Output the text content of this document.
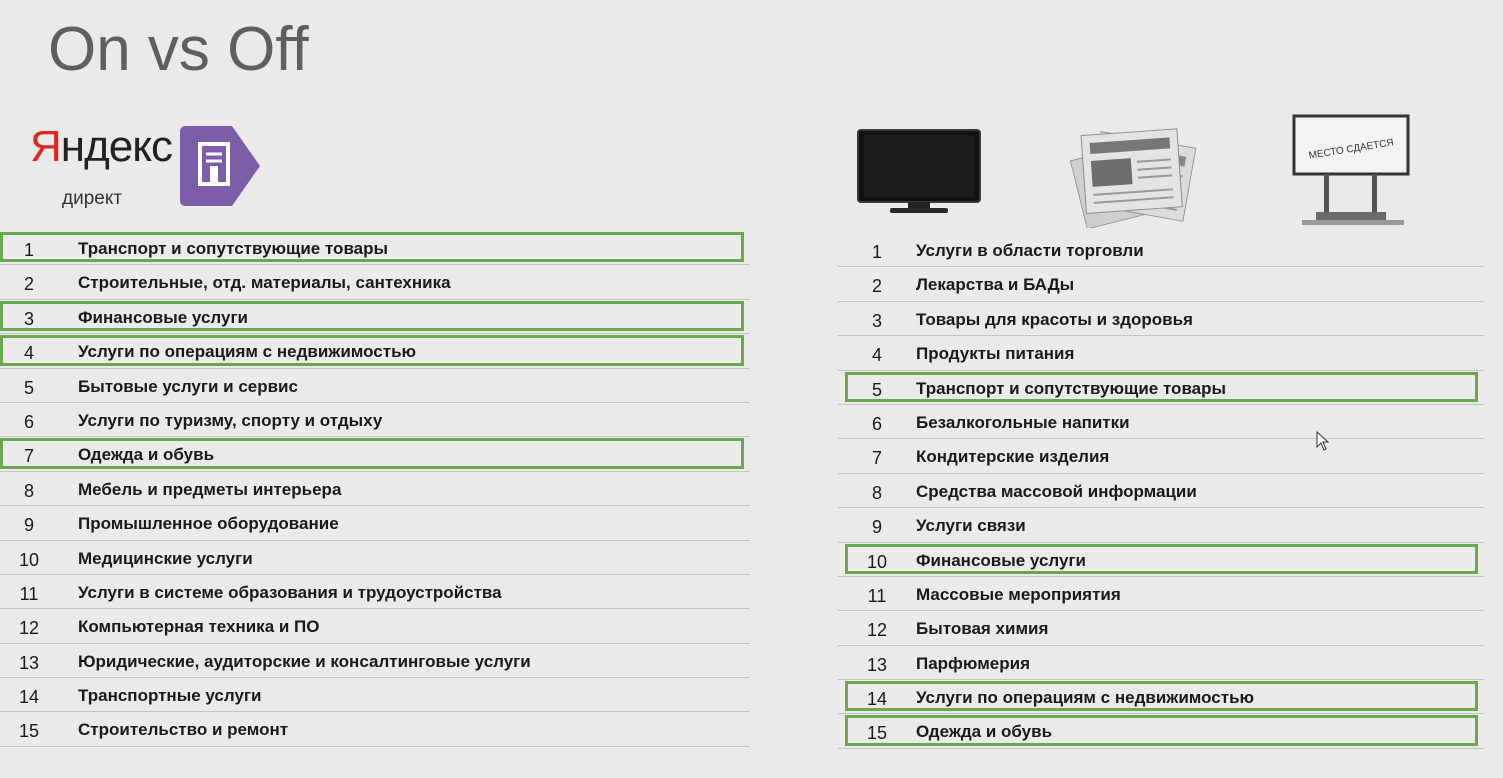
On vs Off
Яндекс
директ
МЕСТО СДАЕТСЯ
1	Транспорт и сопутствующие товары
2	Строительные, отд. материалы, сантехника
3	Финансовые услуги
4	Услуги по операциям с недвижимостью
5	Бытовые услуги и сервис
6	Услуги по туризму, спорту и отдыху
7	Одежда и обувь
8	Мебель и предметы интерьера
9	Промышленное оборудование
10	Медицинские услуги
11	Услуги в системе образования и трудоустройства
12	Компьютерная техника и ПО
13	Юридические, аудиторские и консалтинговые услуги
14	Транспортные услуги
15	Строительство и ремонт
1	Услуги в области торговли
2	Лекарства и БАДы
3	Товары для красоты и здоровья
4	Продукты питания
5	Транспорт и сопутствующие товары
6	Безалкогольные напитки
7	Кондитерские изделия
8	Средства массовой информации
9	Услуги связи
10	Финансовые услуги
11	Массовые мероприятия
12	Бытовая химия
13	Парфюмерия
14	Услуги по операциям с недвижимостью
15	Одежда и обувь
